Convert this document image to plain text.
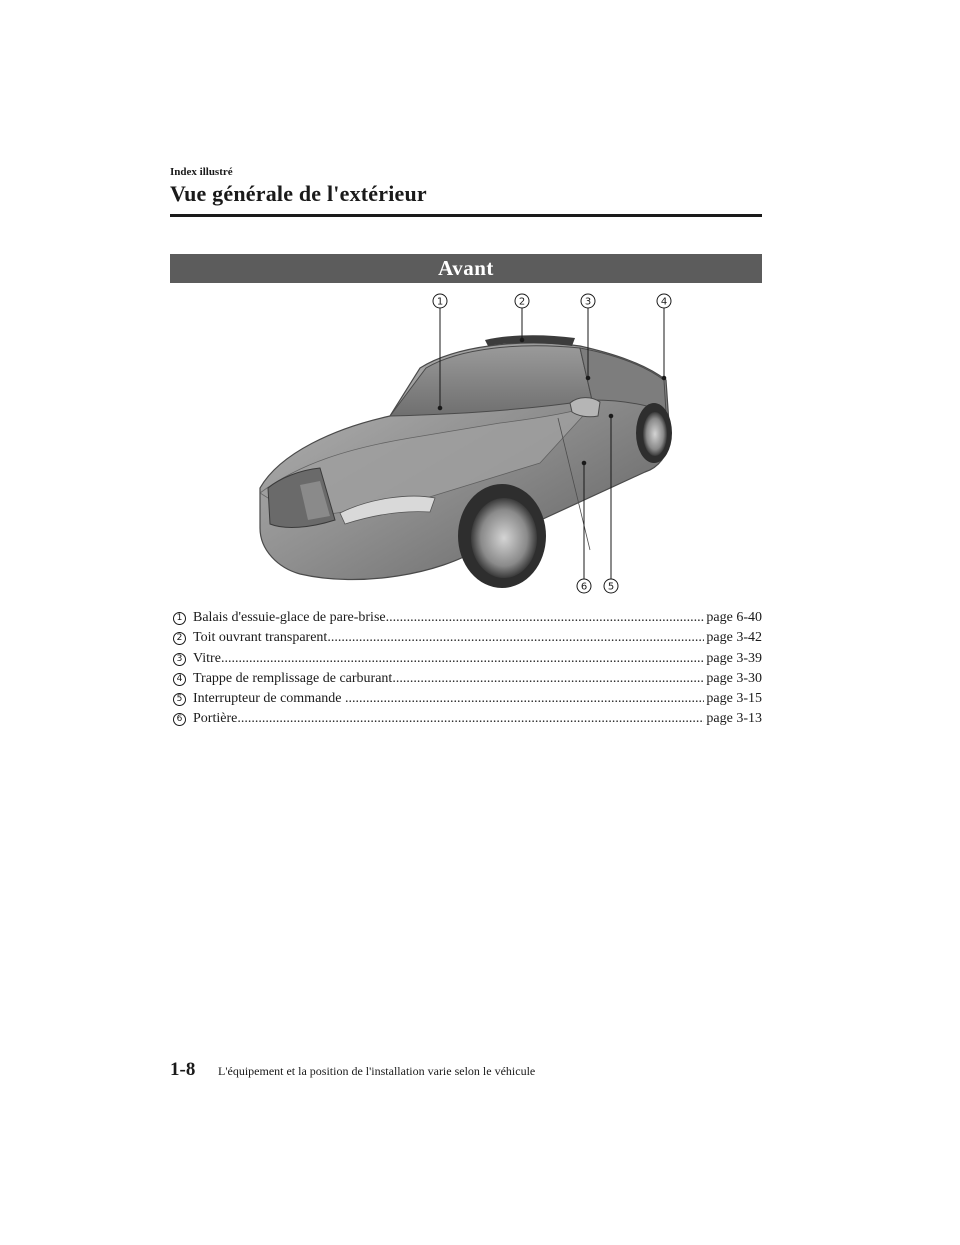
Index illustré
Vue générale de l'extérieur
Avant
1	2	3	4
5
6
1 Balais d'essuie-glace de pare-brise .....	page 6-40
2 Toit ouvrant transparent .....	page 3-42
3 Vitre .....	page 3-39
4 Trappe de remplissage de carburant .....	page 3-30
5 Interrupteur de commande .....	page 3-15
6 Portière .....	page 3-13
1-8 L'équipement et la position de l'installation varie selon le véhicule
